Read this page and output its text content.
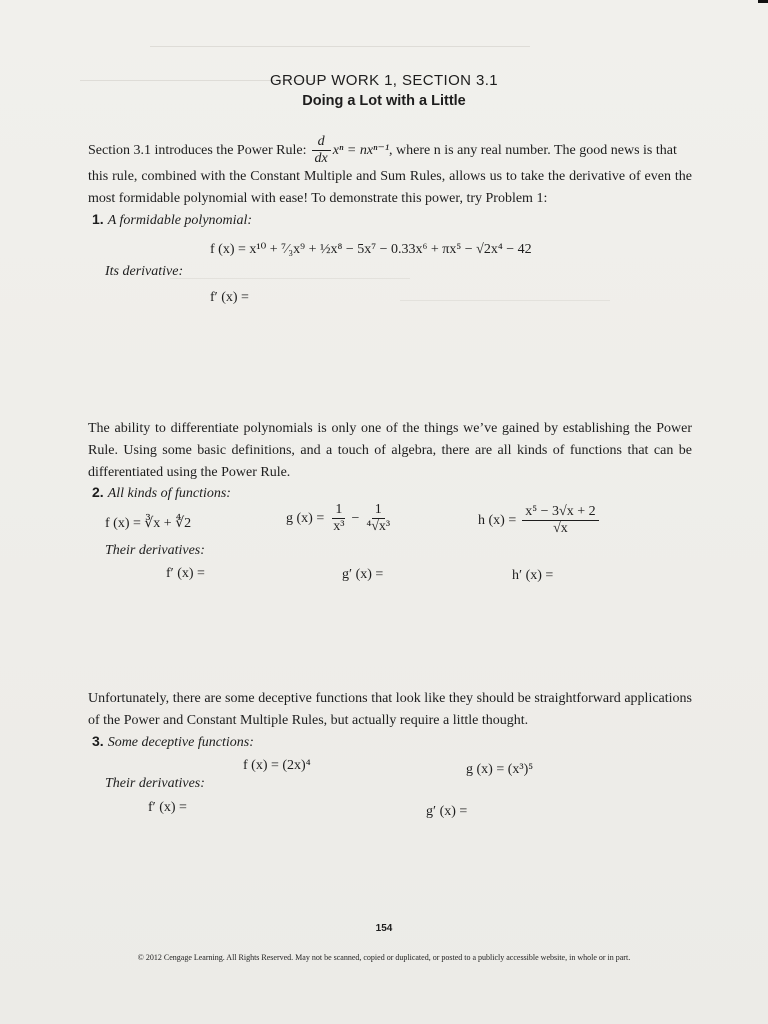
GROUP WORK 1, SECTION 3.1
Doing a Lot with a Little
Section 3.1 introduces the Power Rule: $\frac{d}{dx}$ xⁿ = nxⁿ⁻¹ , where n is any real number. The good news is that
this rule, combined with the Constant Multiple and Sum Rules, allows us to take the derivative of even the most formidable polynomial with ease! To demonstrate this power, try Problem 1:
1. A formidable polynomial:
f (x) = x¹⁰ + ⁷⁄₃x⁹ + ½x⁸ − 5x⁷ − 0.33x⁶ + πx⁵ − √2x⁴ − 42
Its derivative:
f′ (x) =
The ability to differentiate polynomials is only one of the things we’ve gained by establishing the Power Rule. Using some basic definitions, and a touch of algebra, there are all kinds of functions that can be differentiated using the Power Rule.
2. All kinds of functions:
f (x) = ∛x + ∜2	g $(x) = \frac{1}{\text{x³}} - \frac{1}{\text{⁴√x³}}$	h $(x) = \frac{\text{x⁵ − 3√x + 2}}{√x}$
Their derivatives:
f′ (x) =	g′ (x) =	h′ (x) =
Unfortunately, there are some deceptive functions that look like they should be straightforward applications of the Power and Constant Multiple Rules, but actually require a little thought.
3. Some deceptive functions:
f (x) = (2x)⁴	g (x) = (x³)⁵
Their derivatives:
f′ (x) =	g′ (x) =
154
© 2012 Cengage Learning. All Rights Reserved. May not be scanned, copied or duplicated, or posted to a publicly accessible website, in whole or in part.
